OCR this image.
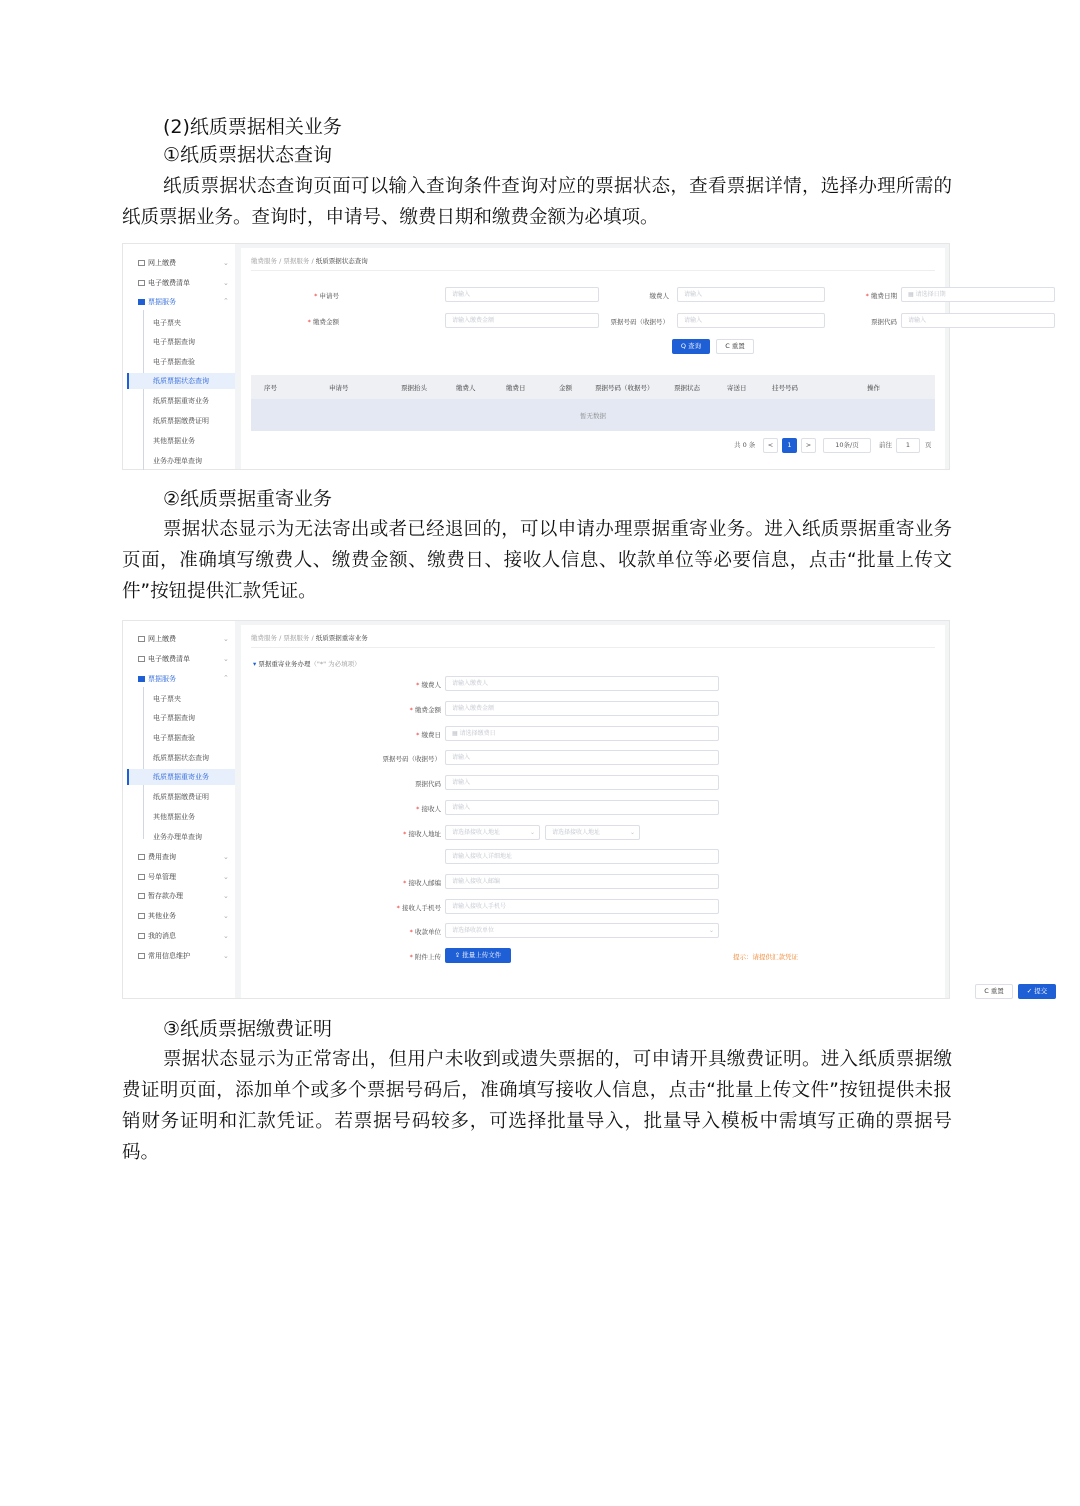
(2)纸质票据相关业务
①纸质票据状态查询
纸质票据状态查询页面可以输入查询条件查询对应的票据状态，查看票据详情，选择办理所需的纸质票据业务。查询时，申请号、缴费日期和缴费金额为必填项。
网上缴费	⌄
电子缴费清单	⌄
票据服务	⌃
电子票夹
电子票据查询
电子票据查验
纸质票据状态查询
纸质票据重寄业务
纸质票据缴费证明
其他票据业务
业务办理单查询
缴费服务 / 票据服务 / 纸质票据状态查询
* 申请号	请输入	缴费人	请输入	* 缴费日期	▦ 请选择日期
* 缴费金额	请输入缴费金额	票据号码（收据号）	请输入	票据代码	请输入
Q 查询	C 重置
序号	申请号	票据抬头	缴费人	缴费日	金额	票据号码（收据号）	票据状态	寄送日	挂号号码	操作
暂无数据
共 0 条	<	1	>	10条/页	前往	1	页
②纸质票据重寄业务
票据状态显示为无法寄出或者已经退回的，可以申请办理票据重寄业务。进入纸质票据重寄业务页面，准确填写缴费人、缴费金额、缴费日、接收人信息、收款单位等必要信息，点击“批量上传文件”按钮提供汇款凭证。
网上缴费	⌄
电子缴费清单	⌄
票据服务	⌃
电子票夹
电子票据查询
电子票据查验
纸质票据状态查询
纸质票据重寄业务
纸质票据缴费证明
其他票据业务
业务办理单查询
费用查询	⌄
号单管理	⌄
暂存款办理	⌄
其他业务	⌄
我的消息	⌄
常用信息维护	⌄
缴费服务 / 票据服务 / 纸质票据重寄业务
▾ 票据重寄业务办理（"*" 为必填项）
* 缴费人	请输入缴费人
* 缴费金额	请输入缴费金额
* 缴费日	▦ 请选择缴费日
票据号码（收据号）	请输入
票据代码	请输入
* 接收人	请输入
* 接收人地址	请选择接收人地址	⌄	请选择接收人地址	⌄
请输入接收人详细地址
* 接收人邮编	请输入接收人邮编
* 接收人手机号	请输入接收人手机号
* 收款单位	请选择收款单位	⌄
* 附件上传	⇪ 批量上传文件	提示：请提供汇款凭证
C 重置	✓ 提交
③纸质票据缴费证明
票据状态显示为正常寄出，但用户未收到或遗失票据的，可申请开具缴费证明。进入纸质票据缴费证明页面，添加单个或多个票据号码后，准确填写接收人信息，点击“批量上传文件”按钮提供未报销财务证明和汇款凭证。若票据号码较多，可选择批量导入，批量导入模板中需填写正确的票据号码。
